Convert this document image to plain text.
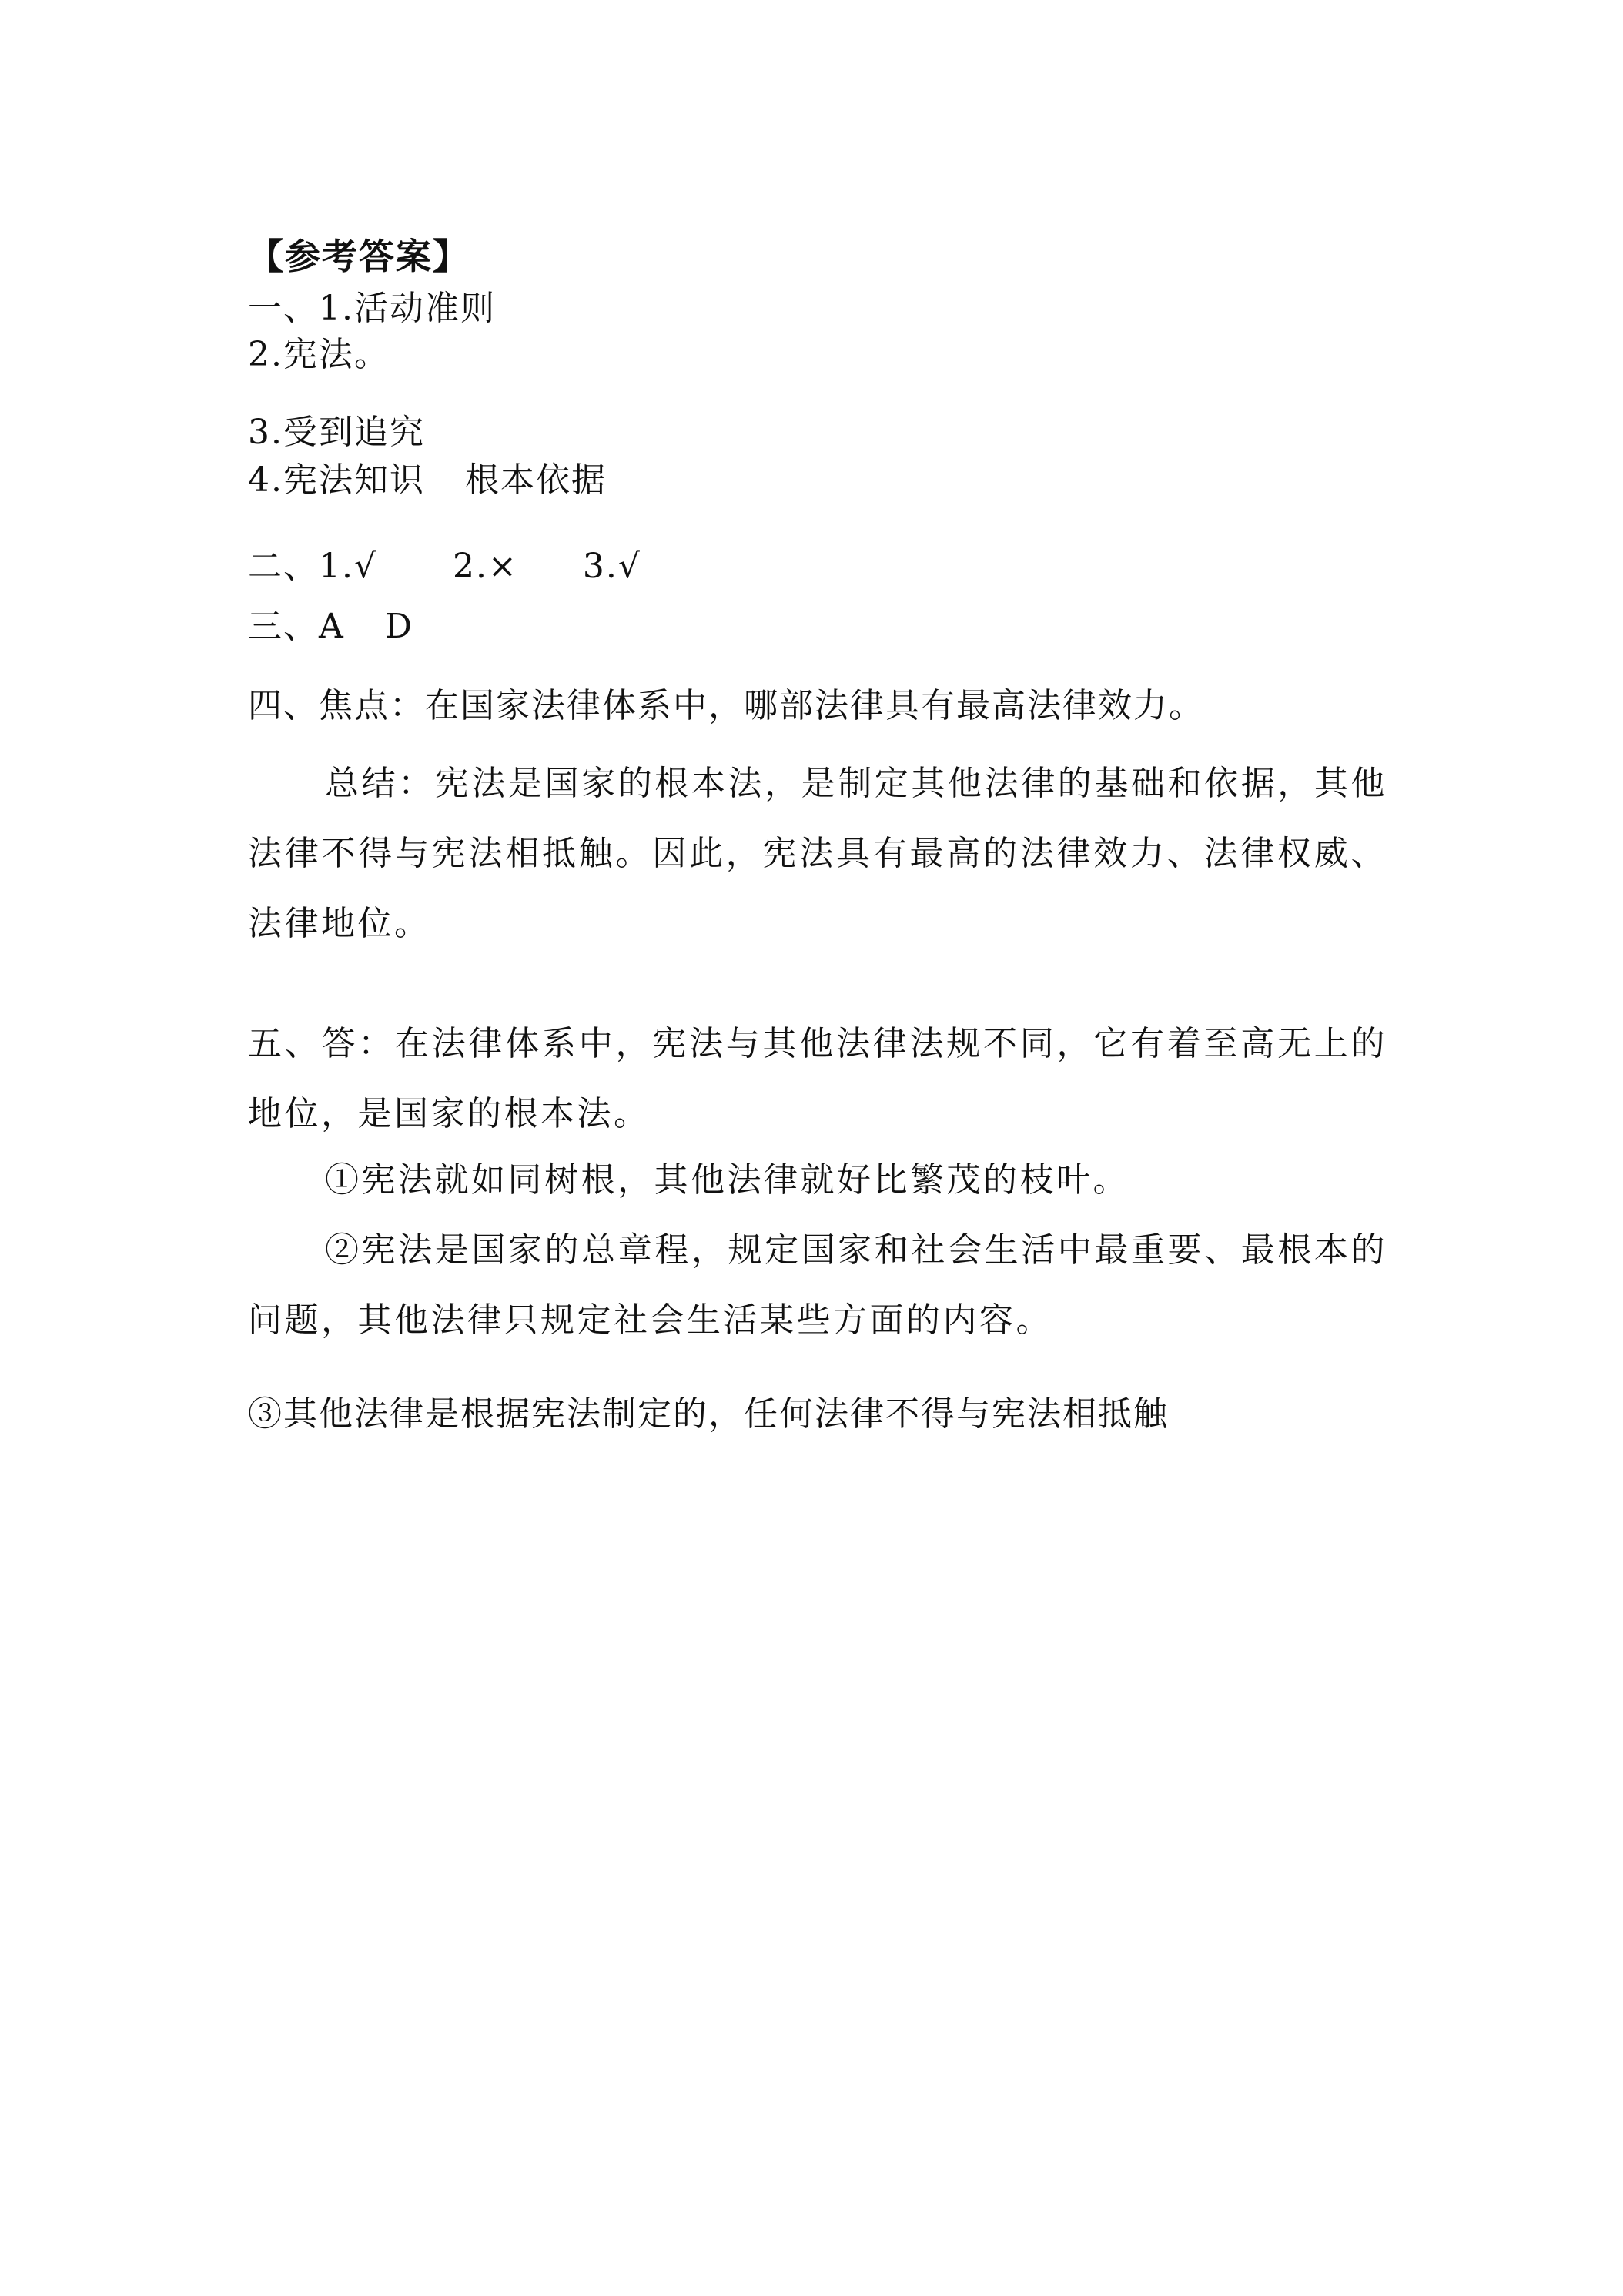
【参考答案】
一、1.活动准则
2.宪法。
3.受到追究
4.宪法知识 根本依据
二、1.√ 2.× 3.√
三、A D
四、焦点：在国家法律体系中，哪部法律具有最高法律效力。
总结：宪法是国家的根本法，是制定其他法律的基础和依据，其他法律不得与宪法相抵触。因此，宪法具有最高的法律效力、法律权威、法律地位。
五、答：在法律体系中，宪法与其他法律法规不同，它有着至高无上的地位，是国家的根本法。
①宪法就如同树根，其他法律就好比繁茂的枝叶。
②宪法是国家的总章程，规定国家和社会生活中最重要、最根本的问题，其他法律只规定社会生活某些方面的内容。
③其他法律是根据宪法制定的，任何法律不得与宪法相抵触
